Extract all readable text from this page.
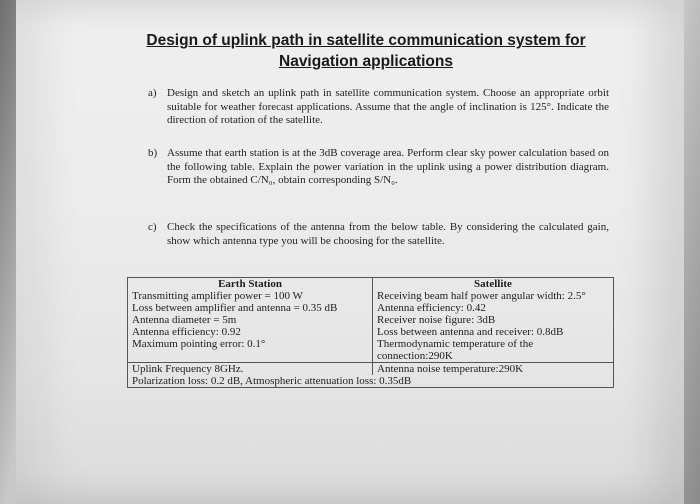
Design of uplink path in satellite communication system for
Navigation applications
a) Design and sketch an uplink path in satellite communication system. Choose an appropriate orbit suitable for weather forecast applications. Assume that the angle of inclination is 125°. Indicate the direction of rotation of the satellite.
b) Assume that earth station is at the 3dB coverage area. Perform clear sky power calculation based on the following table. Explain the power variation in the uplink using a power distribution diagram. Form the obtained C/N₀, obtain corresponding S/N₀.
c) Check the specifications of the antenna from the below table. By considering the calculated gain, show which antenna type you will be choosing for the satellite.
Earth Station	Satellite
Transmitting amplifier power = 100 W	Receiving beam half power angular width: 2.5°
Loss between amplifier and antenna = 0.35 dB	Antenna efficiency: 0.42
Antenna diameter = 5m	Receiver noise figure: 3dB
Antenna efficiency: 0.92	Loss between antenna and receiver: 0.8dB
Maximum pointing error: 0.1°	Thermodynamic temperature of the connection:290K
Uplink Frequency 8GHz.	Antenna noise temperature:290K
Polarization loss: 0.2 dB, Atmospheric attenuation loss: 0.35dB	
